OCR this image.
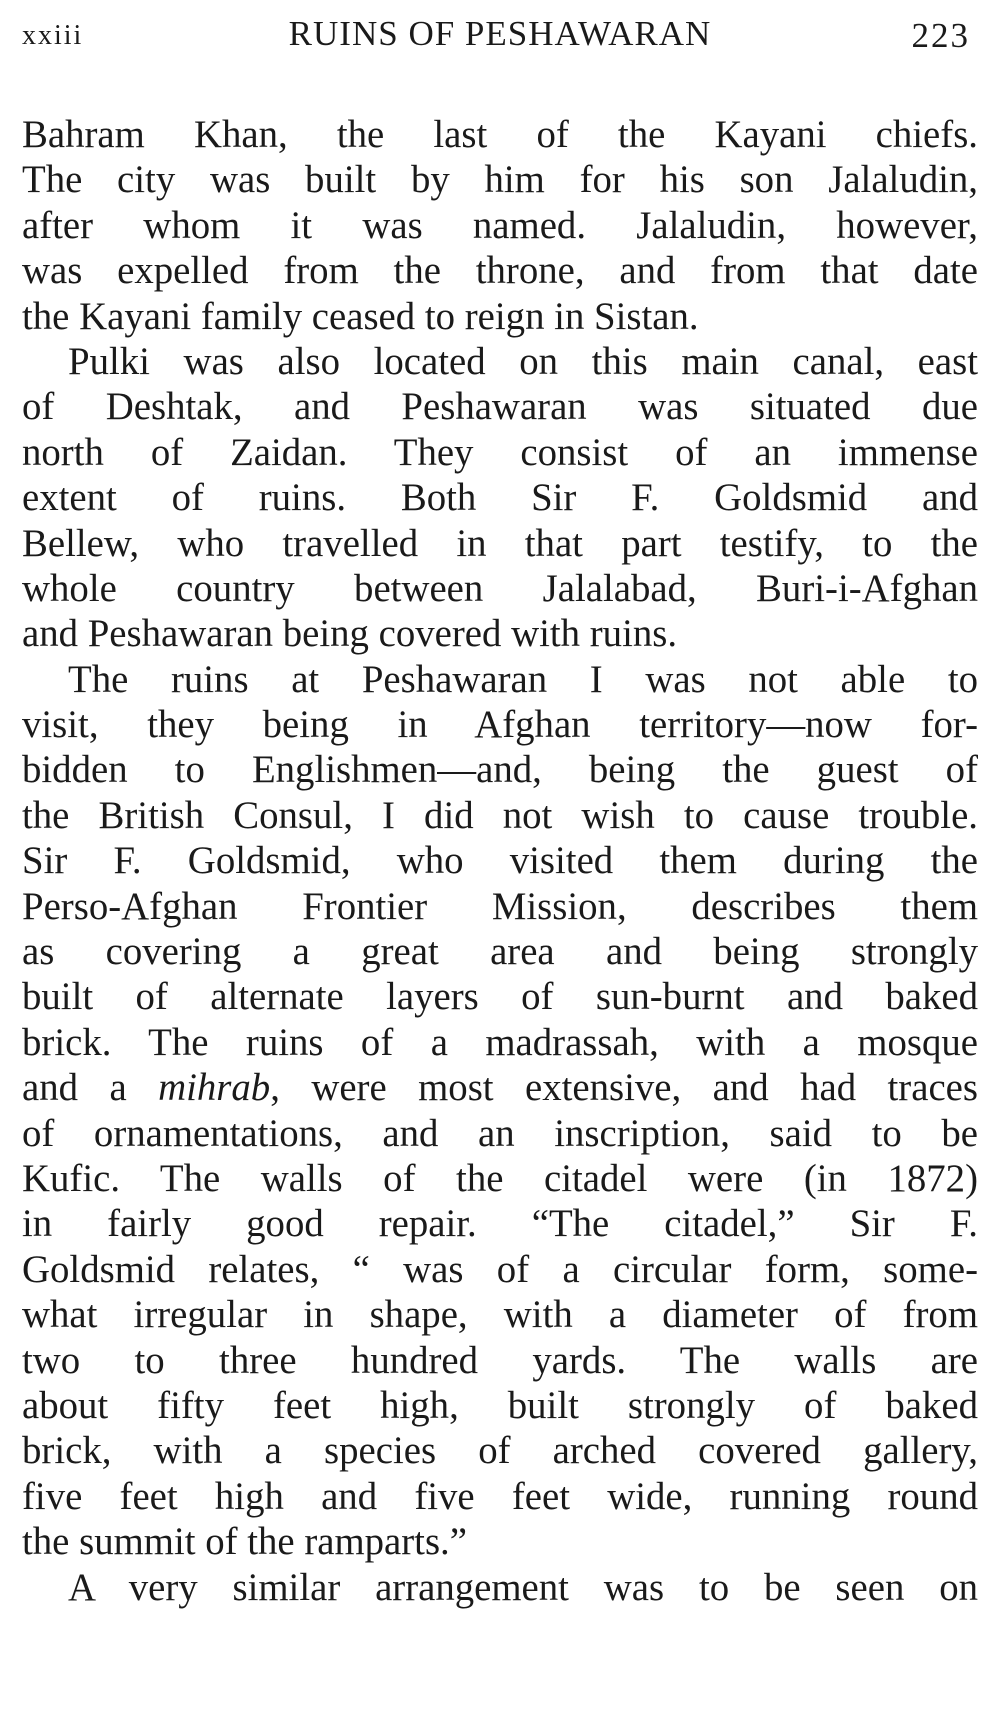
xxiii	RUINS OF PESHAWARAN	223
Bahram Khan, the last of the Kayani chiefs.
The city was built by him for his son Jalaludin,
after whom it was named. Jalaludin, however,
was expelled from the throne, and from that date
the Kayani family ceased to reign in Sistan.
Pulki was also located on this main canal, east
of Deshtak, and Peshawaran was situated due
north of Zaidan. They consist of an immense
extent of ruins. Both Sir F. Goldsmid and
Bellew, who travelled in that part testify, to the
whole country between Jalalabad, Buri-i-Afghan
and Peshawaran being covered with ruins.
The ruins at Peshawaran I was not able to
visit, they being in Afghan territory—now for-
bidden to Englishmen—and, being the guest of
the British Consul, I did not wish to cause trouble.
Sir F. Goldsmid, who visited them during the
Perso-Afghan Frontier Mission, describes them
as covering a great area and being strongly
built of alternate layers of sun-burnt and baked
brick. The ruins of a madrassah, with a mosque
and a mihrab, were most extensive, and had traces
of ornamentations, and an inscription, said to be
Kufic. The walls of the citadel were (in 1872)
in fairly good repair. “The citadel,” Sir F.
Goldsmid relates, “ was of a circular form, some-
what irregular in shape, with a diameter of from
two to three hundred yards. The walls are
about fifty feet high, built strongly of baked
brick, with a species of arched covered gallery,
five feet high and five feet wide, running round
the summit of the ramparts.”
A very similar arrangement was to be seen on
